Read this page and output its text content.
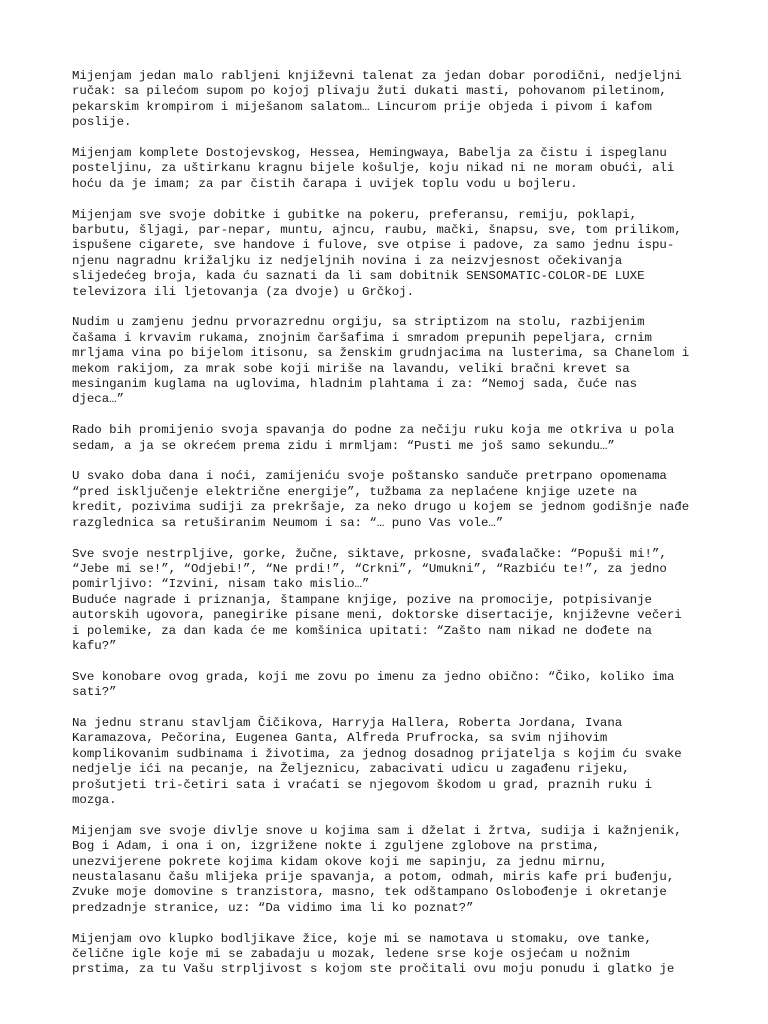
Mijenjam jedan malo rabljeni književni talenat za jedan dobar porodični, nedjeljni
ručak: sa pilećom supom po kojoj plivaju žuti dukati masti, pohovanom piletinom,
pekarskim krompirom i miješanom salatom… Lincurom prije objeda i pivom i kafom
poslije.

Mijenjam komplete Dostojevskog, Hessea, Hemingwaya, Babelja za čistu i ispeglanu
posteljinu, za uštirkanu kragnu bijele košulje, koju nikad ni ne moram obući, ali
hoću da je imam; za par čistih čarapa i uvijek toplu vodu u bojleru.

Mijenjam sve svoje dobitke i gubitke na pokeru, preferansu, remiju, poklapi,
barbutu, šljagi, par-nepar, muntu, ajncu, raubu, mački, šnapsu, sve, tom prilikom,
ispušene cigarete, sve handove i fulove, sve otpise i padove, za samo jednu ispu-
njenu nagradnu križaljku iz nedjeljnih novina i za neizvjesnost očekivanja
slijedećeg broja, kada ću saznati da li sam dobitnik SENSOMATIC-COLOR-DE LUXE
televizora ili ljetovanja (za dvoje) u Grčkoj.

Nudim u zamjenu jednu prvorazrednu orgiju, sa striptizom na stolu, razbijenim
čašama i krvavim rukama, znojnim čaršafima i smradom prepunih pepeljara, crnim
mrljama vina po bijelom itisonu, sa ženskim grudnjacima na lusterima, sa Chanelom i
mekom rakijom, za mrak sobe koji miriše na lavandu, veliki bračni krevet sa
mesinganim kuglama na uglovima, hladnim plahtama i za: “Nemoj sada, čuće nas
djeca…”

Rado bih promijenio svoja spavanja do podne za nečiju ruku koja me otkriva u pola
sedam, a ja se okrećem prema zidu i mrmljam: “Pusti me još samo sekundu…”

U svako doba dana i noći, zamijeniću svoje poštansko sanduče pretrpano opomenama
“pred isključenje električne energije”, tužbama za neplaćene knjige uzete na
kredit, pozivima sudiji za prekršaje, za neko drugo u kojem se jednom godišnje nađe
razglednica sa retuširanim Neumom i sa: “… puno Vas vole…”

Sve svoje nestrpljive, gorke, žučne, siktave, prkosne, svađalačke: “Popuši mi!”,
“Jebe mi se!”, “Odjebi!”, “Ne prdi!”, “Crkni”, “Umukni”, “Razbiću te!”, za jedno
pomirljivo: “Izvini, nisam tako mislio…”
Buduće nagrade i priznanja, štampane knjige, pozive na promocije, potpisivanje
autorskih ugovora, panegirike pisane meni, doktorske disertacije, književne večeri
i polemike, za dan kada će me komšinica upitati: “Zašto nam nikad ne dođete na
kafu?”

Sve konobare ovog grada, koji me zovu po imenu za jedno obično: “Čiko, koliko ima
sati?”

Na jednu stranu stavljam Čičikova, Harryja Hallera, Roberta Jordana, Ivana
Karamazova, Pečorina, Eugenea Ganta, Alfreda Prufrocka, sa svim njihovim
komplikovanim sudbinama i životima, za jednog dosadnog prijatelja s kojim ću svake
nedjelje ići na pecanje, na Željeznicu, zabacivati udicu u zagađenu rijeku,
prošutjeti tri-četiri sata i vraćati se njegovom škodom u grad, praznih ruku i
mozga.

Mijenjam sve svoje divlje snove u kojima sam i dželat i žrtva, sudija i kažnjenik,
Bog i Adam, i ona i on, izgrižene nokte i zguljene zglobove na prstima,
unezvijerene pokrete kojima kidam okove koji me sapinju, za jednu mirnu,
neustalasanu čašu mlijeka prije spavanja, a potom, odmah, miris kafe pri buđenju,
Zvuke moje domovine s tranzistora, masno, tek odštampano Oslobođenje i okretanje
predzadnje stranice, uz: “Da vidimo ima li ko poznat?”

Mijenjam ovo klupko bodljikave žice, koje mi se namotava u stomaku, ove tanke,
čelične igle koje mi se zabadaju u mozak, ledene srse koje osjećam u nožnim
prstima, za tu Vašu strpljivost s kojom ste pročitali ovu moju ponudu i glatko je
